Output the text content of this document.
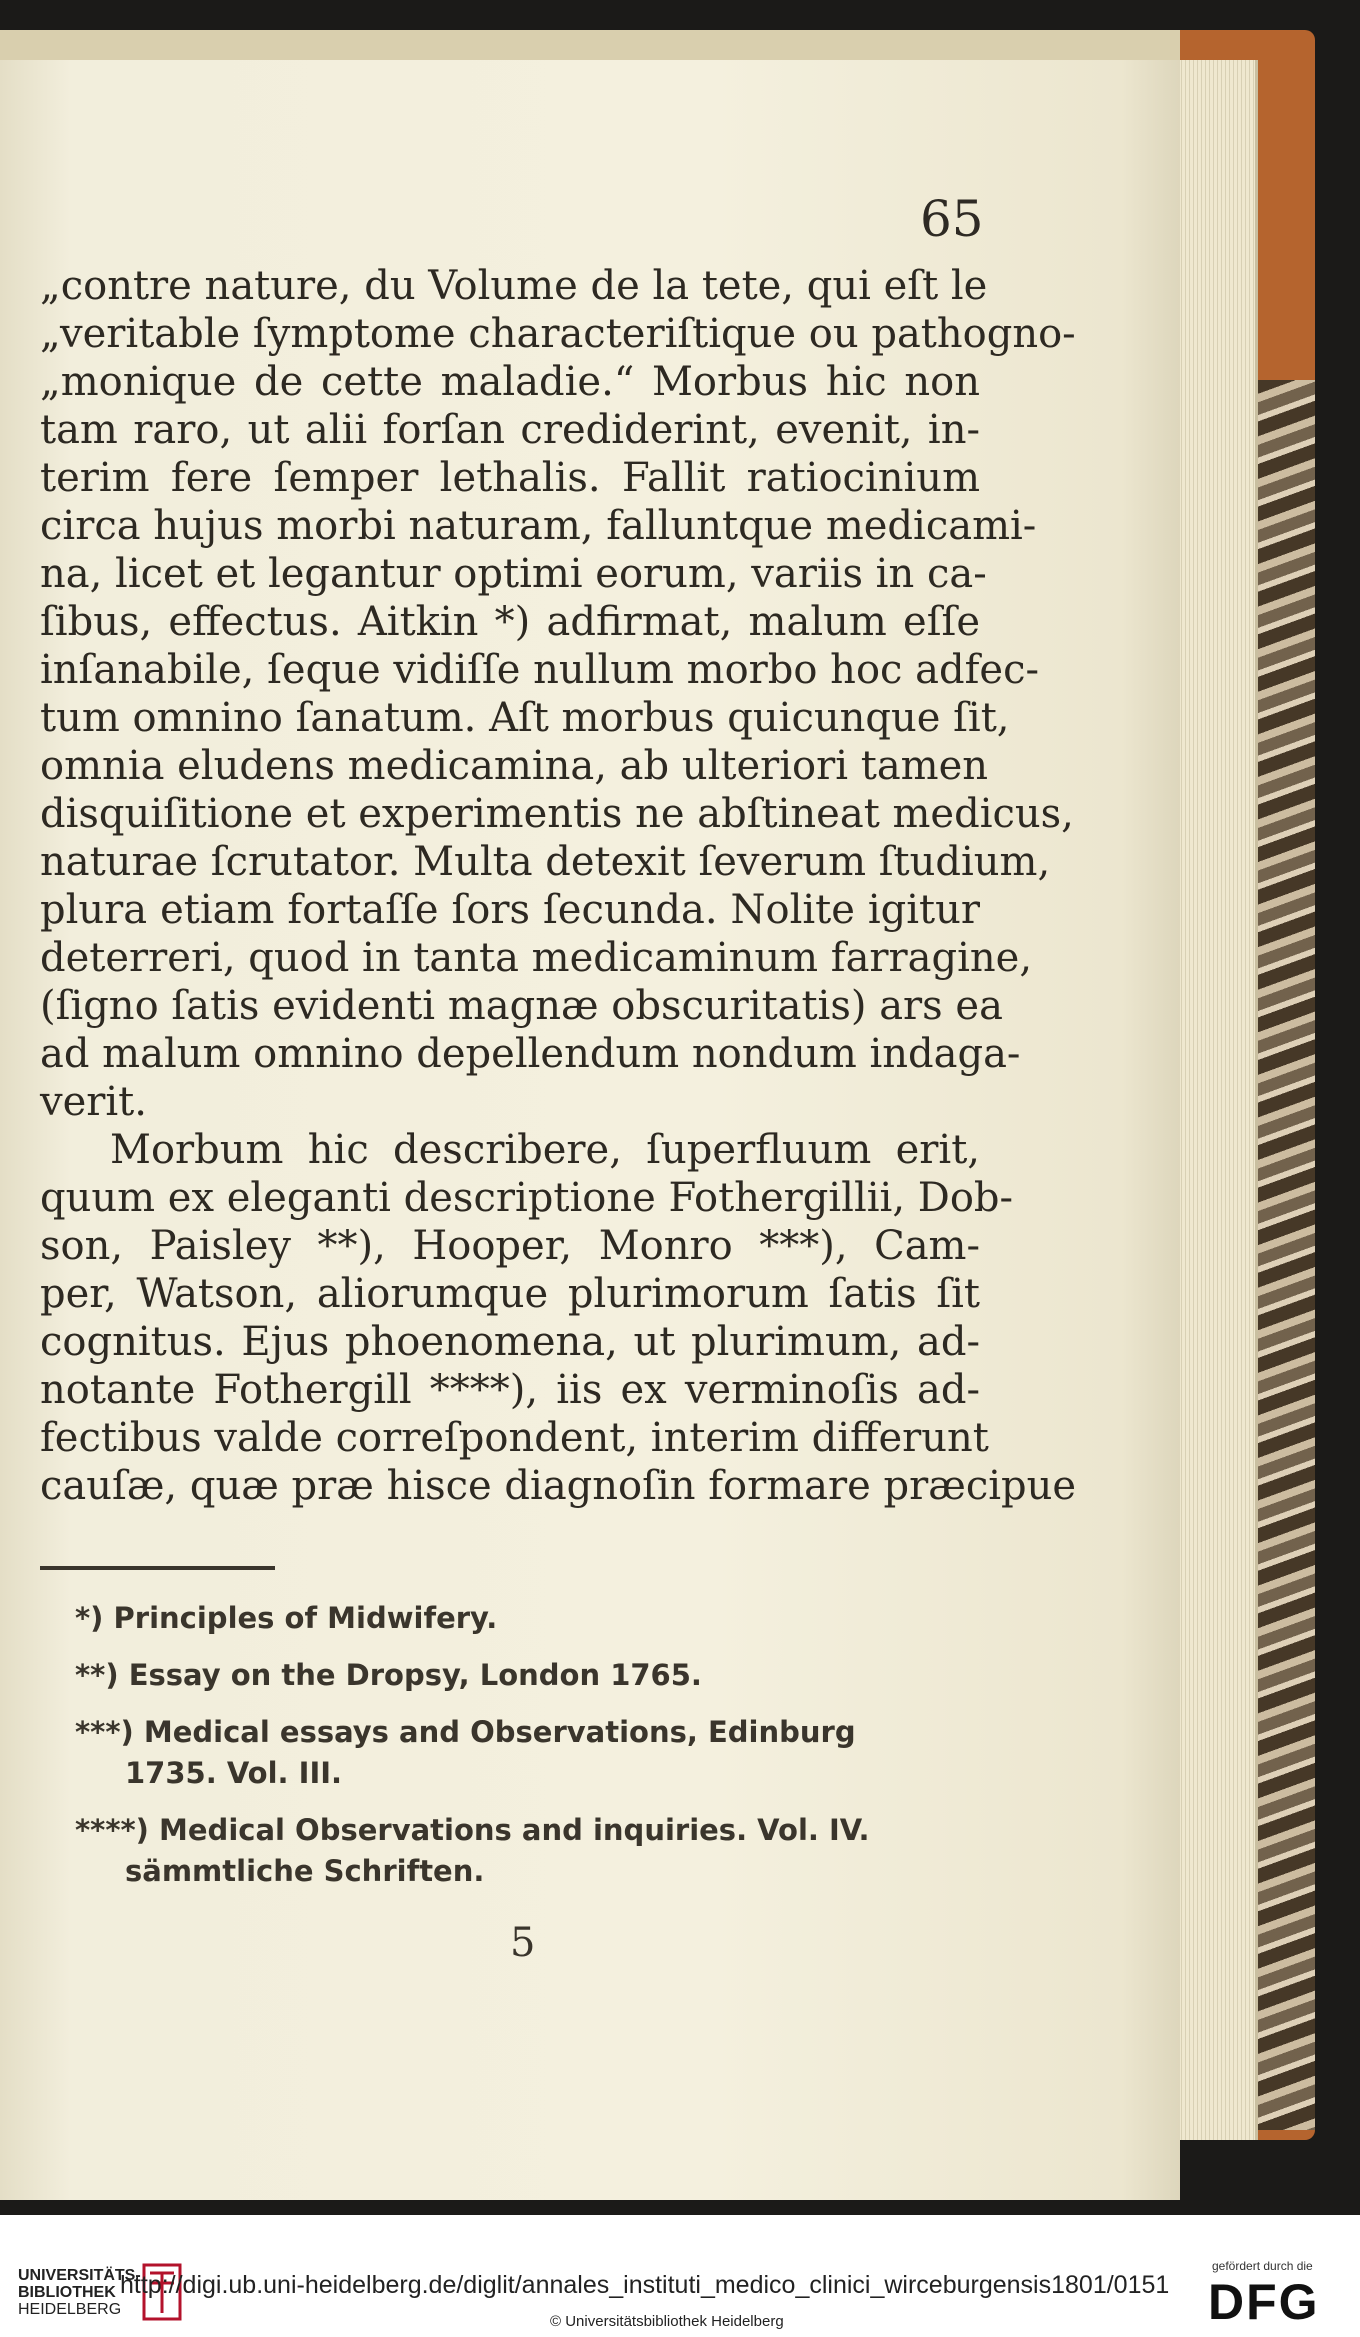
65
„contre nature, du Volume de la tete, qui eſt le
„veritable ſymptome characteriſtique ou pathogno-
„monique de cette maladie.“ Morbus hic non
tam raro, ut alii forſan crediderint, evenit, in-
terim fere ſemper lethalis. Fallit ratiocinium
circa hujus morbi naturam, falluntque medicami-
na, licet et legantur optimi eorum, variis in ca-
ſibus, effectus. Aitkin *) adfirmat, malum eſſe
inſanabile, ſeque vidiſſe nullum morbo hoc adfec-
tum omnino ſanatum. Aſt morbus quicunque ſit,
omnia eludens medicamina, ab ulteriori tamen
disquiſitione et experimentis ne abſtineat medicus,
naturae ſcrutator. Multa detexit ſeverum ſtudium,
plura etiam fortaſſe ſors ſecunda. Nolite igitur
deterreri, quod in tanta medicaminum farragine,
(ſigno ſatis evidenti magnæ obscuritatis) ars ea
ad malum omnino depellendum nondum indaga-
verit.
Morbum hic describere, ſuperfluum erit,
quum ex eleganti descriptione Fothergillii, Dob-
son, Paisley **), Hooper, Monro ***), Cam-
per, Watson, aliorumque plurimorum ſatis ſit
cognitus. Ejus phoenomena, ut plurimum, ad-
notante Fothergill ****), iis ex verminoſis ad-
fectibus valde correſpondent, interim differunt
cauſæ, quæ præ hisce diagnoſin formare præcipue
*) Principles of Midwifery.
**) Essay on the Dropsy, London 1765.
***) Medical essays and Observations, Edinburg
1735. Vol. III.
****) Medical Observations and inquiries. Vol. IV.
sämmtliche Schriften.
5
UNIVERSITÄTS-
BIBLIOTHEK
HEIDELBERG
http://digi.ub.uni-heidelberg.de/diglit/annales_instituti_medico_clinici_wirceburgensis1801/0151
© Universitätsbibliothek Heidelberg
gefördert durch die
DFG
